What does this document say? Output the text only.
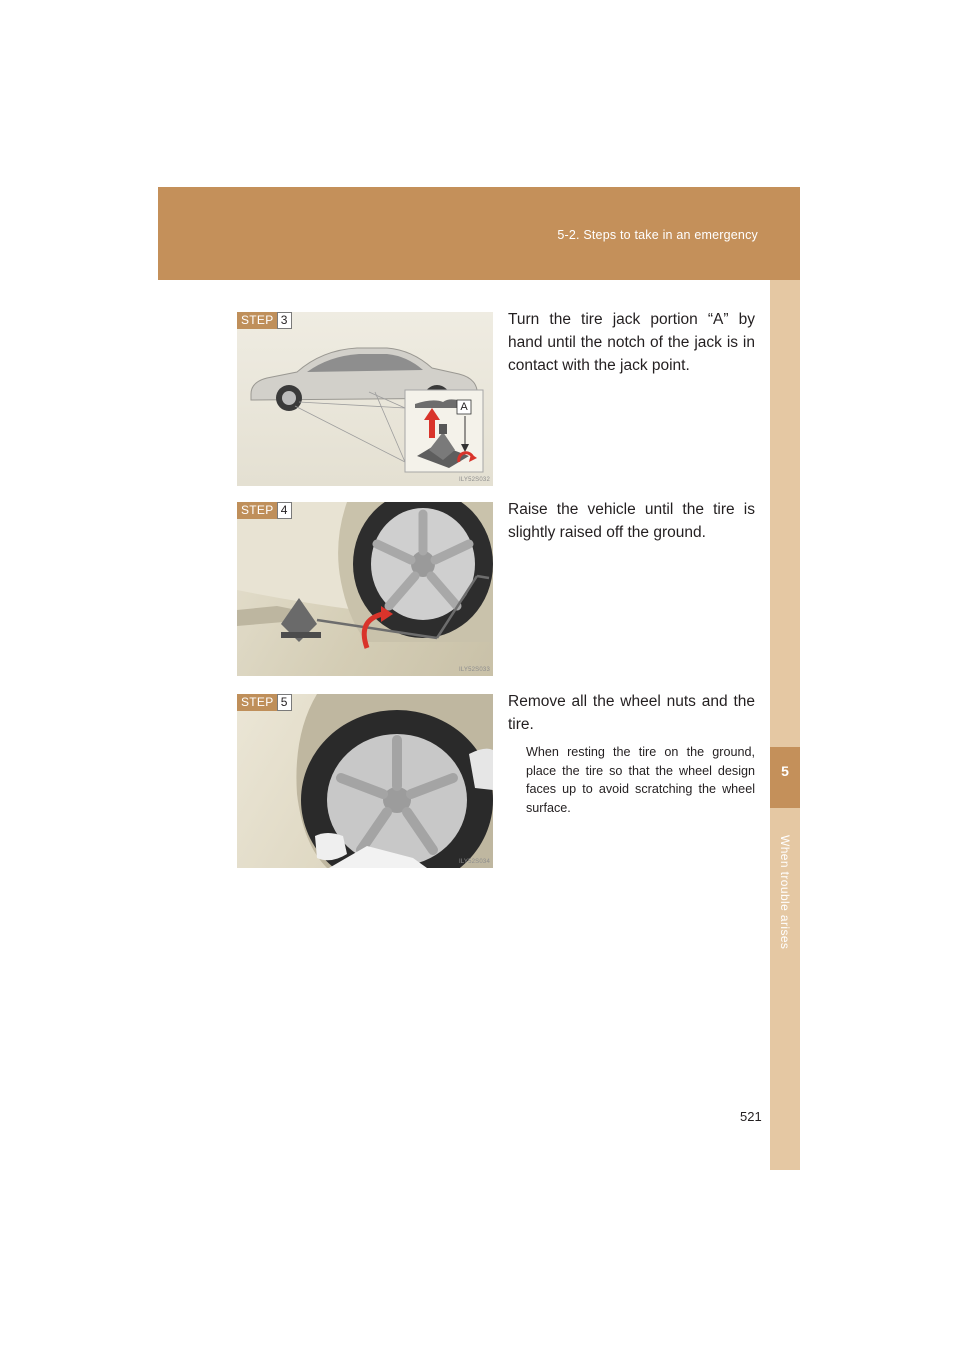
5-2. Steps to take in an emergency
5
When trouble arises
STEP 3
A
ILY52S032
Turn the tire jack portion “A” by hand until the notch of the jack is in contact with the jack point.
STEP 4
ILY52S033
Raise the vehicle until the tire is slightly raised off the ground.
STEP 5
ILY52S034
Remove all the wheel nuts and the tire.
When resting the tire on the ground, place the tire so that the wheel design faces up to avoid scratching the wheel surface.
521
